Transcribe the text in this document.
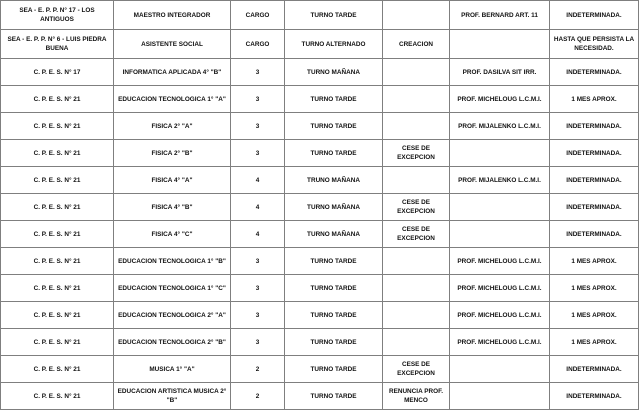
SEA - E. P. P. N° 17 - LOS ANTIGUOS	MAESTRO INTEGRADOR	CARGO	TURNO TARDE		PROF. BERNARD ART. 11	INDETERMINADA.
SEA - E. P. P. N° 6 - LUIS PIEDRA BUENA	ASISTENTE SOCIAL	CARGO	TURNO ALTERNADO	CREACION		HASTA QUE PERSISTA LA NECESIDAD.
C. P. E. S. N° 17	INFORMATICA APLICADA 4° "B"	3	TURNO MAÑANA		PROF. DASILVA SIT IRR.	INDETERMINADA.
C. P. E. S. N° 21	EDUCACION TECNOLOGICA 1° "A"	3	TURNO TARDE		PROF. MICHELOUG L.C.M.I.	1 MES APROX.
C. P. E. S. N° 21	FISICA 2° "A"	3	TURNO TARDE		PROF. MIJALENKO L.C.M.I.	INDETERMINADA.
C. P. E. S. N° 21	FISICA 2° "B"	3	TURNO TARDE	CESE DE EXCEPCION		INDETERMINADA.
C. P. E. S. N° 21	FISICA 4° "A"	4	TRUNO MAÑANA		PROF. MIJALENKO L.C.M.I.	INDETERMINADA.
C. P. E. S. N° 21	FISICA 4° "B"	4	TURNO MAÑANA	CESE DE EXCEPCION		INDETERMINADA.
C. P. E. S. N° 21	FISICA 4° "C"	4	TURNO MAÑANA	CESE DE EXCEPCION		INDETERMINADA.
C. P. E. S. N° 21	EDUCACION TECNOLOGICA 1° "B"	3	TURNO TARDE		PROF. MICHELOUG L.C.M.I.	1 MES APROX.
C. P. E. S. N° 21	EDUCACION TECNOLOGICA 1° "C"	3	TURNO TARDE		PROF. MICHELOUG L.C.M.I.	1 MES APROX.
C. P. E. S. N° 21	EDUCACION TECNOLOGICA 2° "A"	3	TURNO TARDE		PROF. MICHELOUG L.C.M.I.	1 MES APROX.
C. P. E. S. N° 21	EDUCACION TECNOLOGICA 2° "B"	3	TURNO TARDE		PROF. MICHELOUG L.C.M.I.	1 MES APROX.
C. P. E. S. N° 21	MUSICA 1° "A"	2	TURNO TARDE	CESE DE EXCEPCION		INDETERMINADA.
C. P. E. S. N° 21	EDUCACION ARTISTICA MUSICA 2° "B"	2	TURNO TARDE	RENUNCIA PROF. MENCO		INDETERMINADA.
